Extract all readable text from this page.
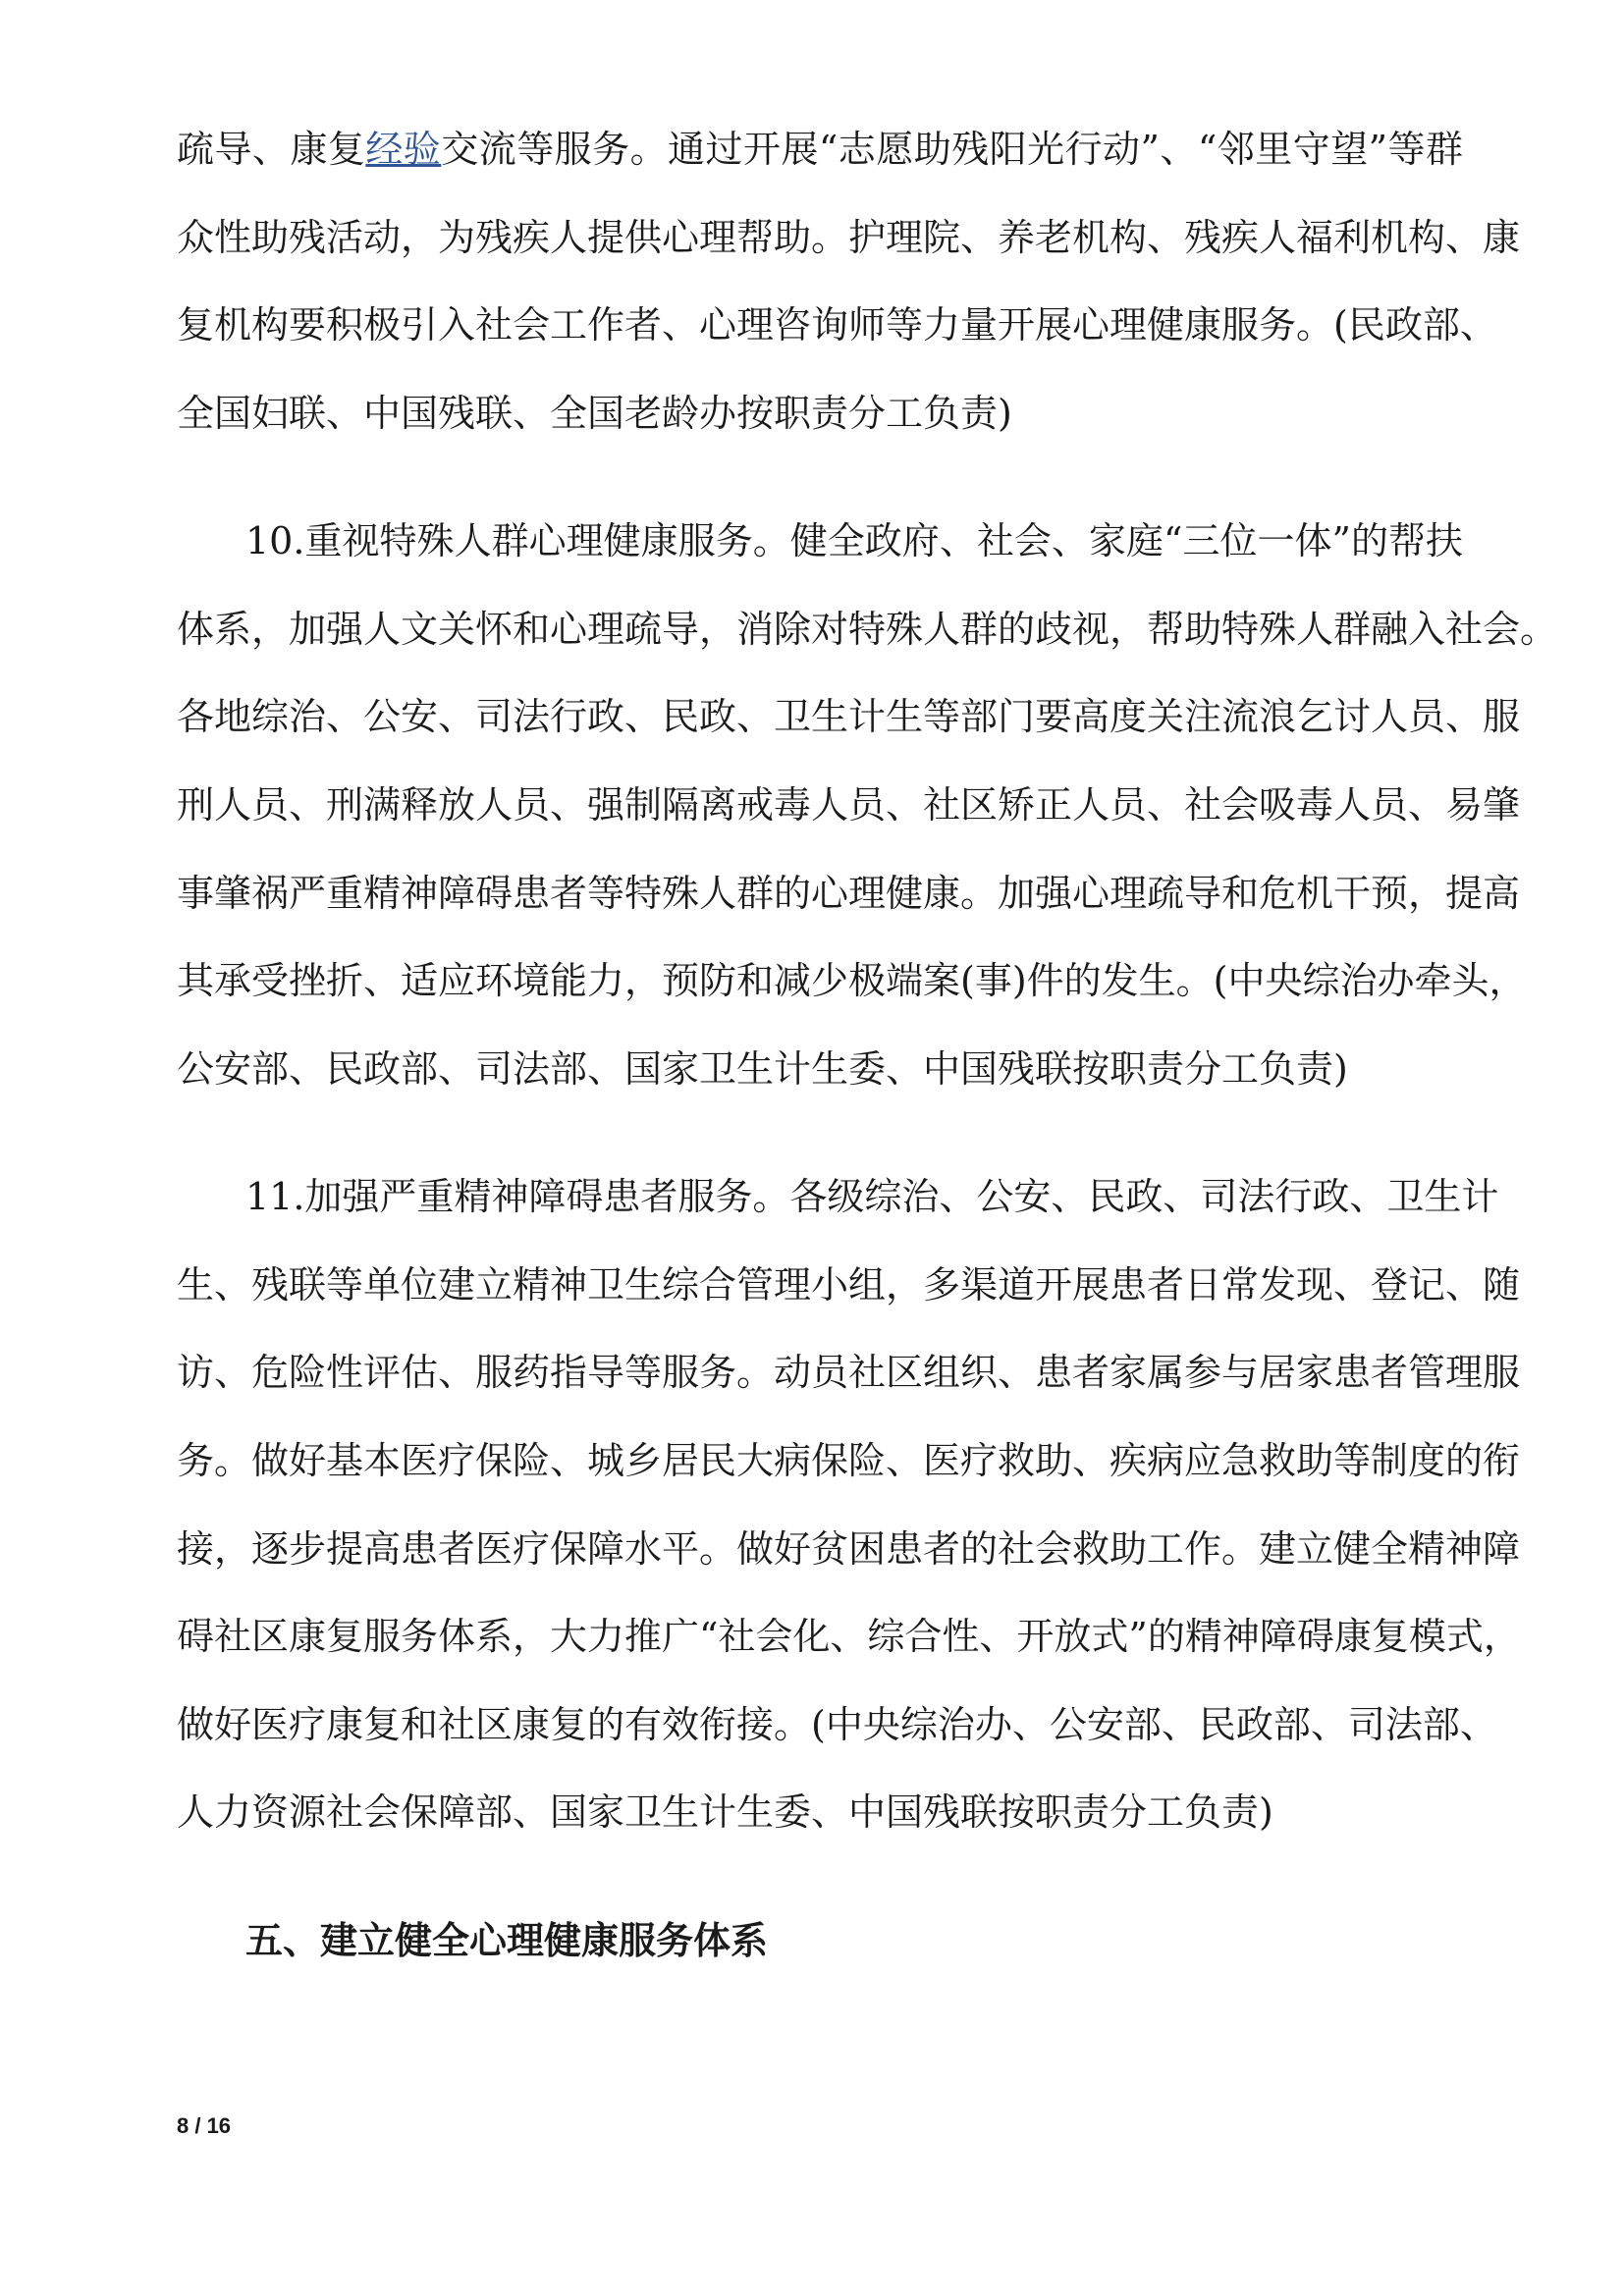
疏导、康复经验交流等服务。通过开展“志愿助残阳光行动”、“邻里守望”等群
众性助残活动，为残疾人提供心理帮助。护理院、养老机构、残疾人福利机构、康
复机构要积极引入社会工作者、心理咨询师等力量开展心理健康服务。(民政部、
全国妇联、中国残联、全国老龄办按职责分工负责)
10.重视特殊人群心理健康服务。健全政府、社会、家庭“三位一体”的帮扶
体系，加强人文关怀和心理疏导，消除对特殊人群的歧视，帮助特殊人群融入社会。
各地综治、公安、司法行政、民政、卫生计生等部门要高度关注流浪乞讨人员、服
刑人员、刑满释放人员、强制隔离戒毒人员、社区矫正人员、社会吸毒人员、易肇
事肇祸严重精神障碍患者等特殊人群的心理健康。加强心理疏导和危机干预，提高
其承受挫折、适应环境能力，预防和减少极端案(事)件的发生。(中央综治办牵头，
公安部、民政部、司法部、国家卫生计生委、中国残联按职责分工负责)
11.加强严重精神障碍患者服务。各级综治、公安、民政、司法行政、卫生计
生、残联等单位建立精神卫生综合管理小组，多渠道开展患者日常发现、登记、随
访、危险性评估、服药指导等服务。动员社区组织、患者家属参与居家患者管理服
务。做好基本医疗保险、城乡居民大病保险、医疗救助、疾病应急救助等制度的衔
接，逐步提高患者医疗保障水平。做好贫困患者的社会救助工作。建立健全精神障
碍社区康复服务体系，大力推广“社会化、综合性、开放式”的精神障碍康复模式，
做好医疗康复和社区康复的有效衔接。(中央综治办、公安部、民政部、司法部、
人力资源社会保障部、国家卫生计生委、中国残联按职责分工负责)
五、建立健全心理健康服务体系
8 / 16
